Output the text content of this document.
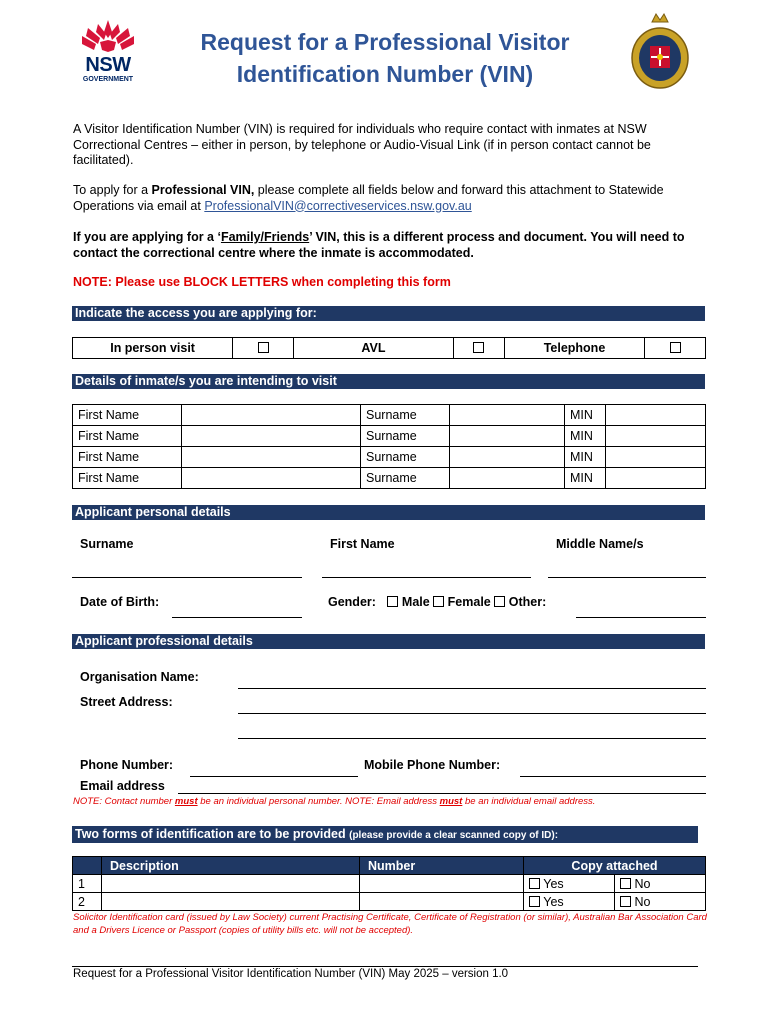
NSW
GOVERNMENT
Request for a Professional Visitor
Identification Number (VIN)
A Visitor Identification Number (VIN) is required for individuals who require contact with inmates at NSW Correctional Centres – either in person, by telephone or Audio-Visual Link (if in person contact cannot be facilitated).
To apply for a Professional VIN, please complete all fields below and forward this attachment to Statewide Operations via email at ProfessionalVIN@correctiveservices.nsw.gov.au
If you are applying for a ‘Family/Friends’ VIN, this is a different process and document. You will need to contact the correctional centre where the inmate is accommodated.
NOTE: Please use BLOCK LETTERS when completing this form
Indicate the access you are applying for:
In person visit		AVL		Telephone	
Details of inmate/s you are intending to visit
First Name		Surname		MIN	
First Name		Surname		MIN	
First Name		Surname		MIN	
First Name		Surname		MIN	
Applicant personal details
Surname	First Name	Middle Name/s
Date of Birth:	Gender: Male Female Other:
Applicant professional details
Organisation Name:
Street Address:
Phone Number:	Mobile Phone Number:
Email address
NOTE: Contact number must be an individual personal number. NOTE: Email address must be an individual email address.
Two forms of identification are to be provided (please provide a clear scanned copy of ID):
	Description	Number	Copy attached	
1			Yes	No
2			Yes	No
Solicitor Identification card (issued by Law Society) current Practising Certificate, Certificate of Registration (or similar), Australian Bar Association Card and a Drivers Licence or Passport (copies of utility bills etc. will not be accepted).
Request for a Professional Visitor Identification Number (VIN) May 2025 – version 1.0
